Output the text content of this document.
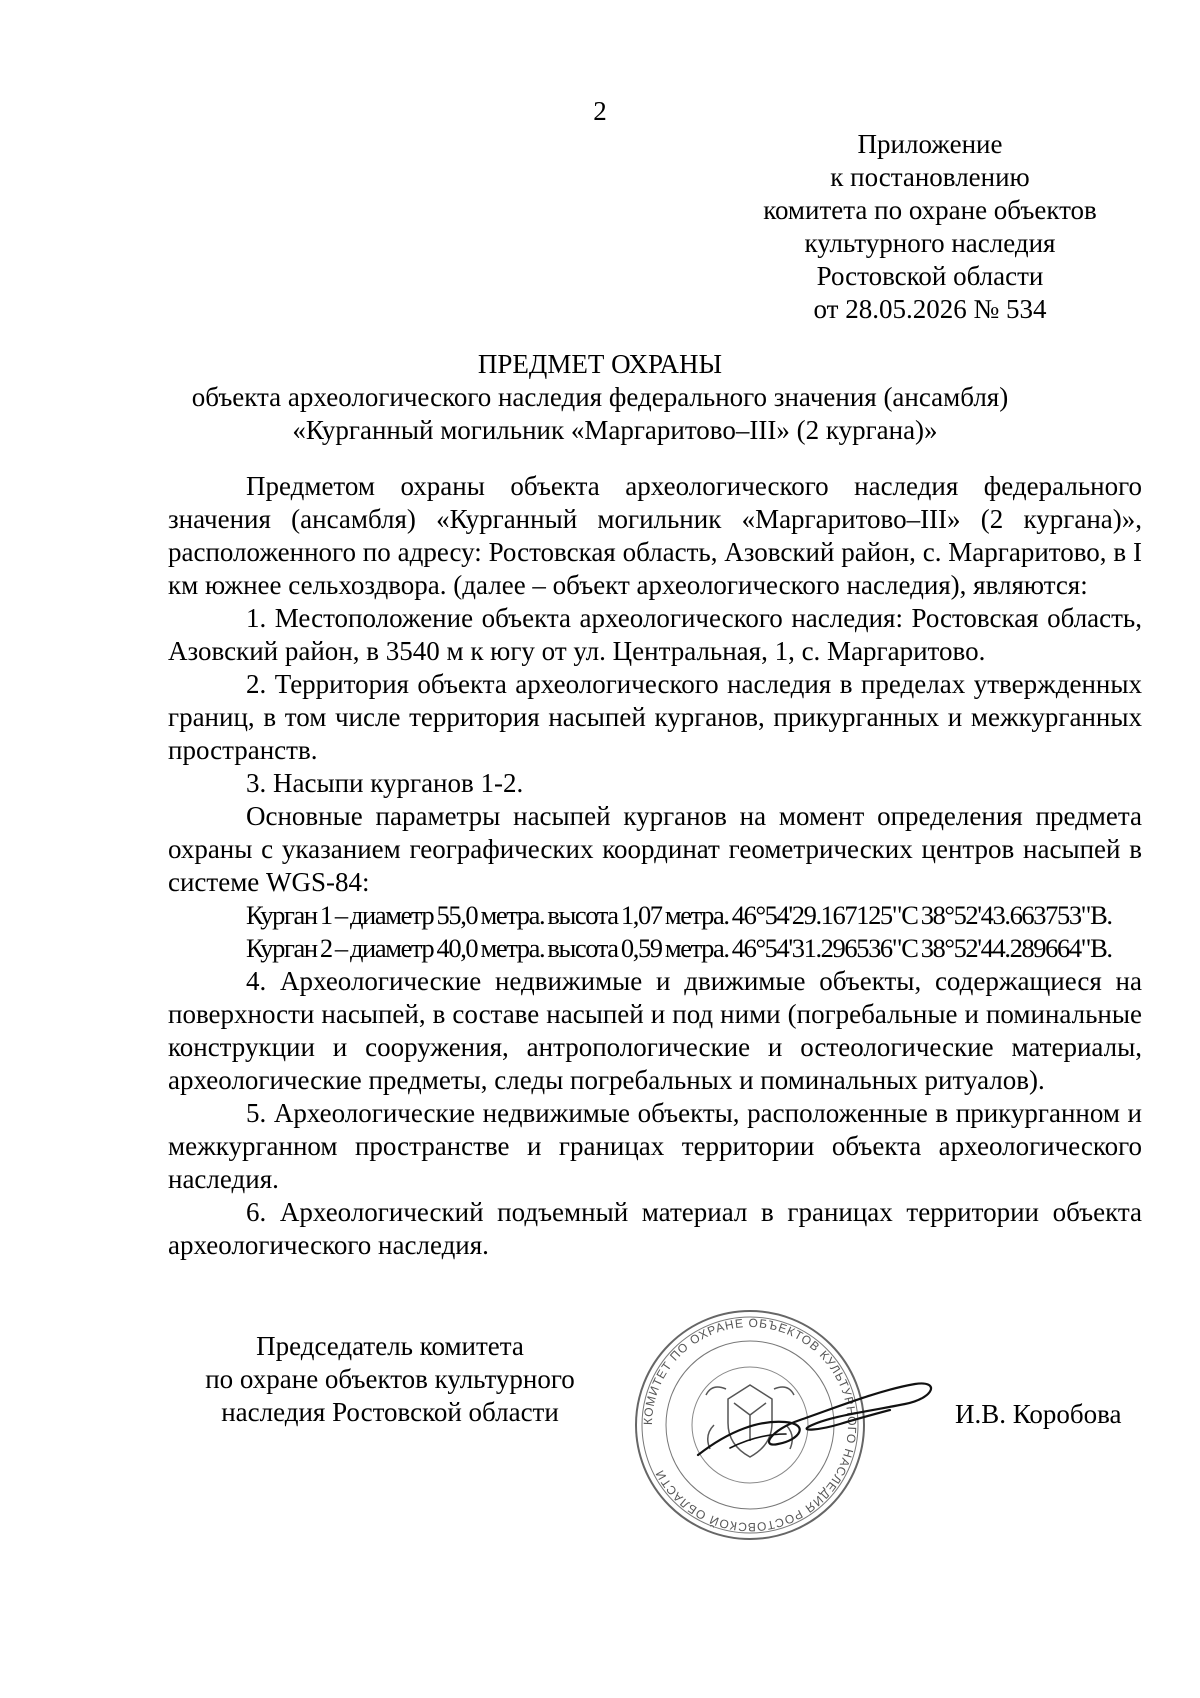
2
Приложение
к постановлению
комитета по охране объектов
культурного наследия
Ростовской области
от 28.05.2026 № 534
ПРЕДМЕТ ОХРАНЫ
объекта археологического наследия федерального значения (ансамбля)
«Курганный могильник «Маргаритово–III» (2 кургана)»

Предметом охраны объекта археологического наследия федерального значения (ансамбля) «Курганный могильник «Маргаритово–III» (2 кургана)», расположенного по адресу: Ростовская область, Азовский район, с. Маргаритово, в I км южнее сельхоздвора. (далее – объект археологического наследия), являются:

1. Местоположение объекта археологического наследия: Ростовская область, Азовский район, в 3540 м к югу от ул. Центральная, 1, с. Маргаритово.

2. Территория объекта археологического наследия в пределах утвержденных границ, в том числе территория насыпей курганов, прикурганных и межкурганных пространств.

3. Насыпи курганов 1-2.

Основные параметры насыпей курганов на момент определения предмета охраны с указанием географических координат геометрических центров насыпей в системе WGS-84:

Курган 1 – диаметр 55,0 метра. высота 1,07 метра. 46°54'29.167125"С 38°52'43.663753"В.

Курган 2 – диаметр 40,0 метра. высота 0,59 метра. 46°54'31.296536"С 38°52'44.289664"В.

4. Археологические недвижимые и движимые объекты, содержащиеся на поверхности насыпей, в составе насыпей и под ними (погребальные и поминальные конструкции и сооружения, антропологические и остеологические материалы, археологические предметы, следы погребальных и поминальных ритуалов).

5. Археологические недвижимые объекты, расположенные в прикурганном и межкурганном пространстве и границах территории объекта археологического наследия.

6. Археологический подъемный материал в границах территории объекта археологического наследия.

Председатель комитета
по охране объектов культурного
наследия Ростовской области	КОМИТЕТ ПО ОХРАНЕ ОБЪЕКТОВ КУЛЬТУРНОГО НАСЛЕДИЯ РОСТОВСКОЙ ОБЛАСТИ
И.В. Коробова
